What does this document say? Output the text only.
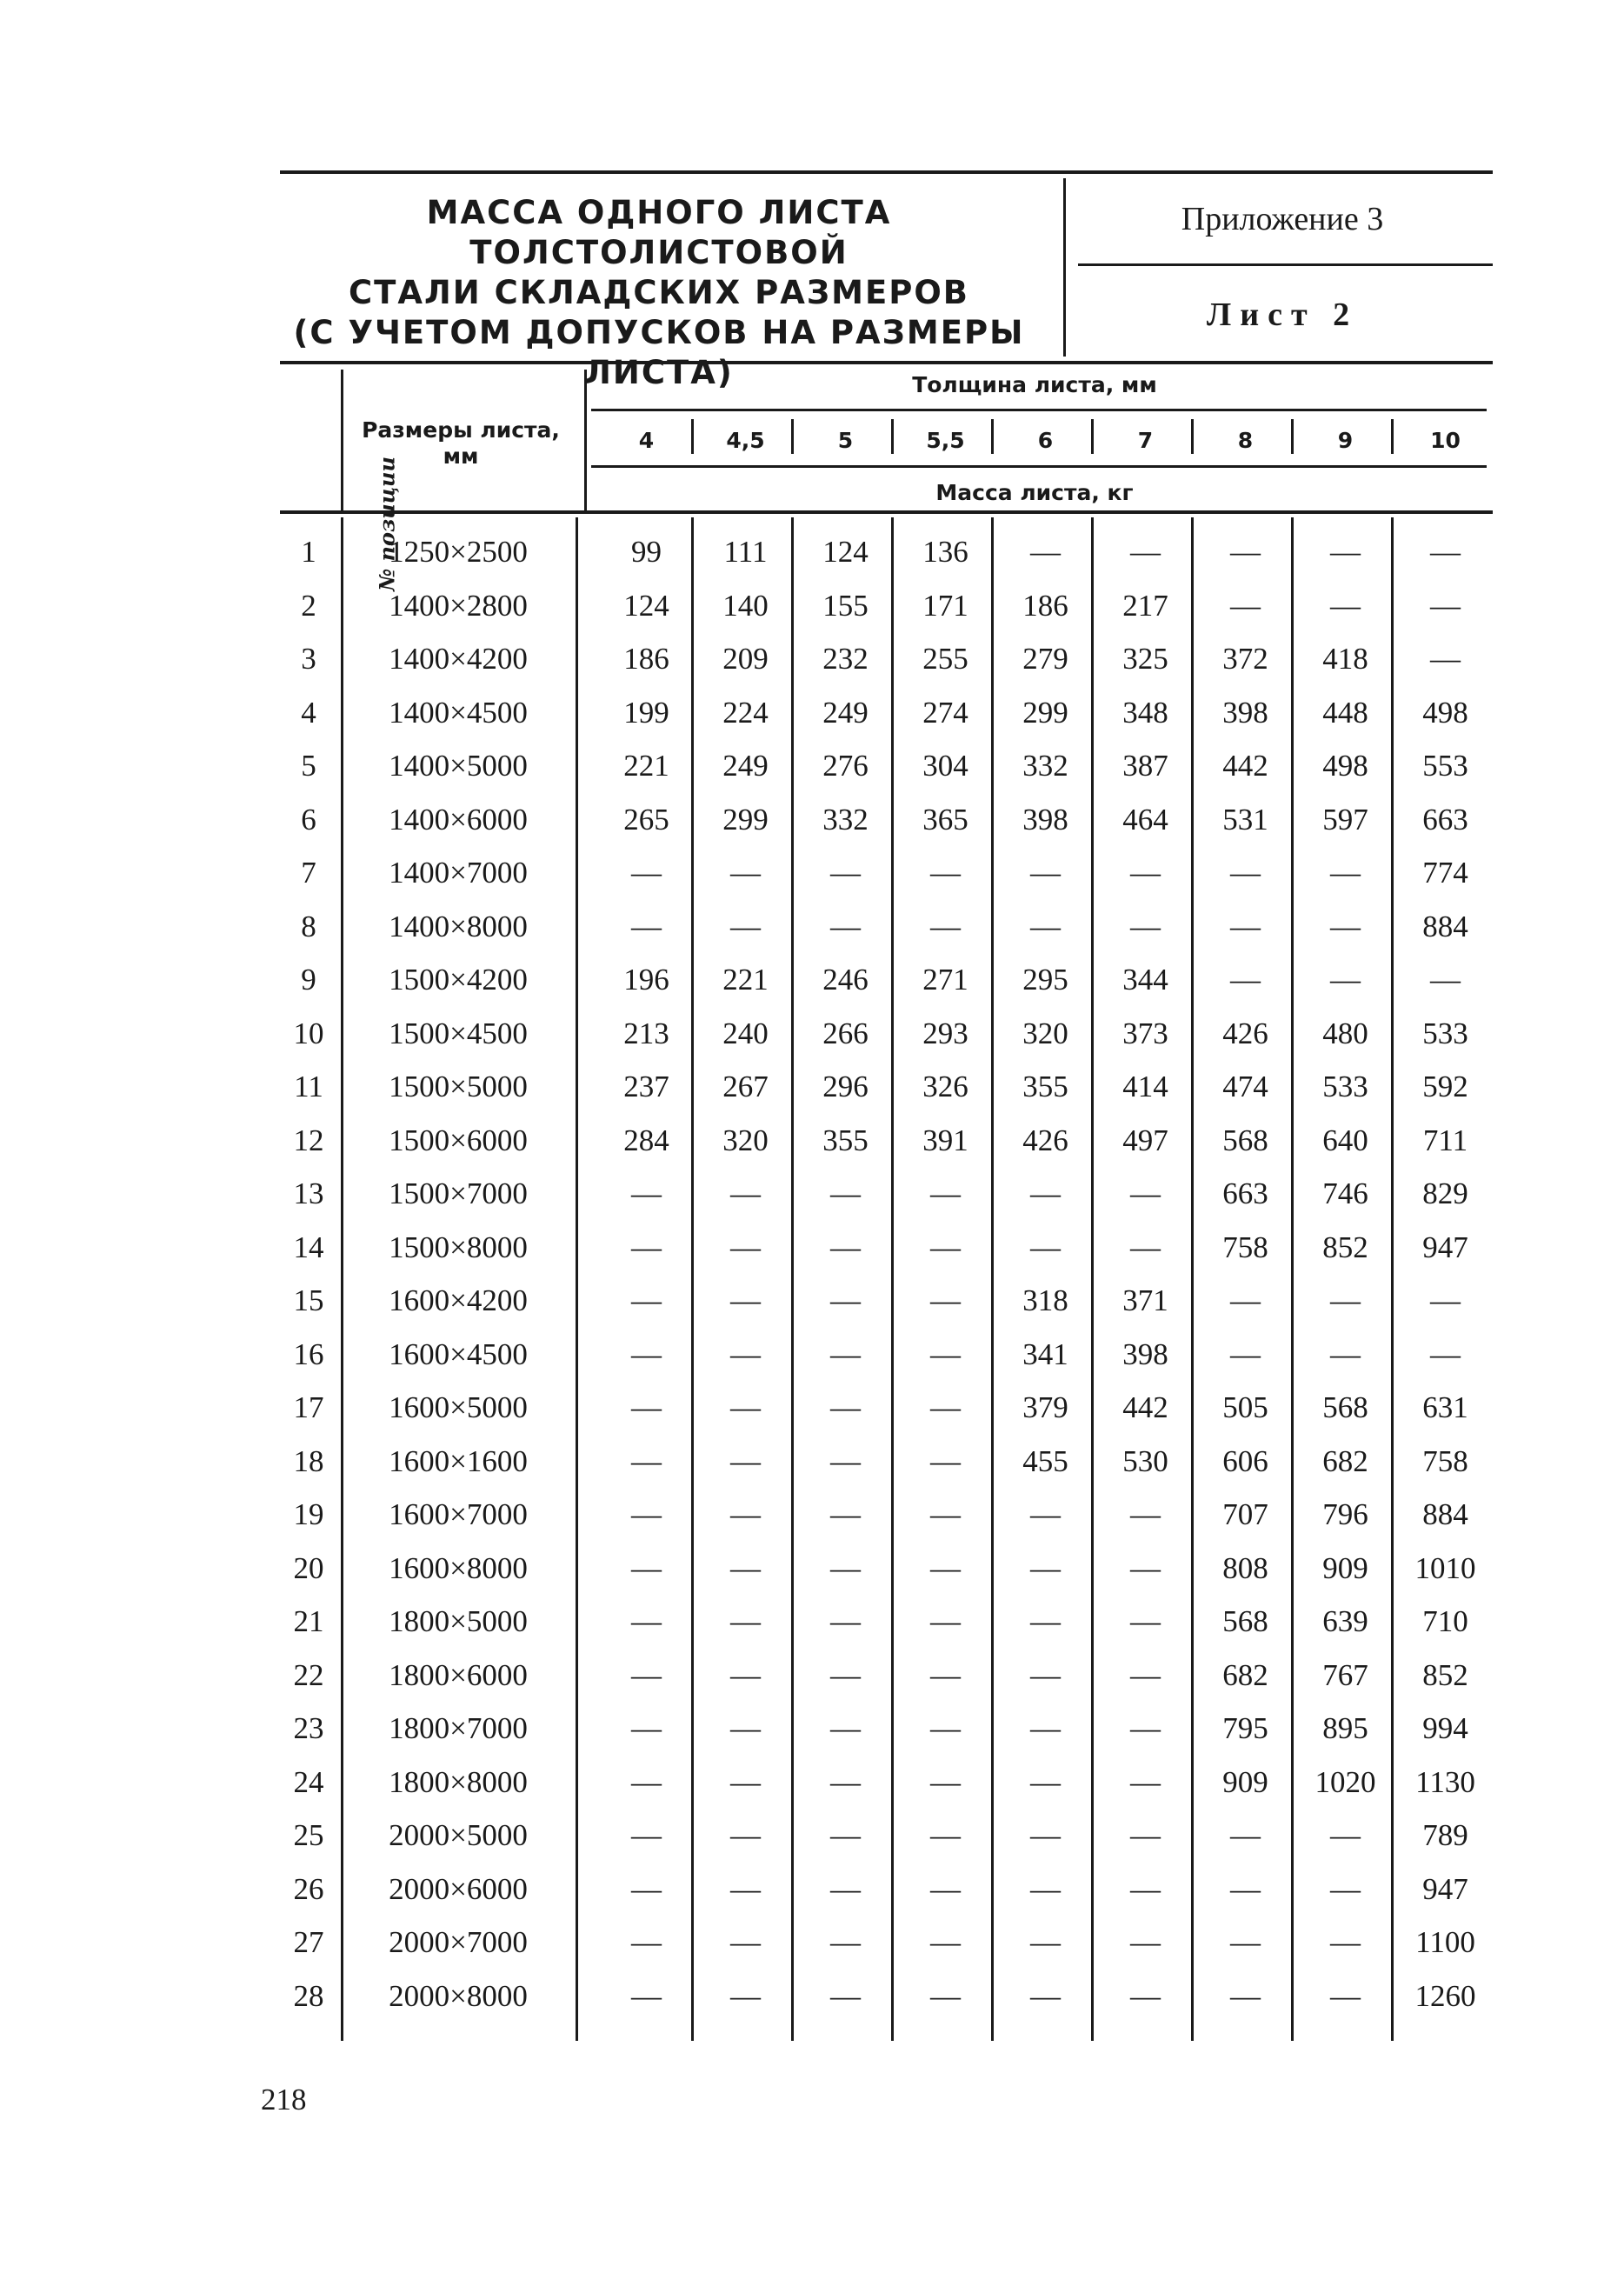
МАССА ОДНОГО ЛИСТА ТОЛСТОЛИСТОВОЙ
СТАЛИ СКЛАДСКИХ РАЗМЕРОВ
(С УЧЕТОМ ДОПУСКОВ НА РАЗМЕРЫ
ЛИСТА)
Приложение 3
Лист 2
№ позиции
Размеры листа, мм
Толщина листа, мм
Масса листа, кг
4	4,5	5	5,5	6	7	8	9	10
1	1250×2500	99	111	124	136	—	—	—	—	—
2	1400×2800	124	140	155	171	186	217	—	—	—
3	1400×4200	186	209	232	255	279	325	372	418	—
4	1400×4500	199	224	249	274	299	348	398	448	498
5	1400×5000	221	249	276	304	332	387	442	498	553
6	1400×6000	265	299	332	365	398	464	531	597	663
7	1400×7000	—	—	—	—	—	—	—	—	774
8	1400×8000	—	—	—	—	—	—	—	—	884
9	1500×4200	196	221	246	271	295	344	—	—	—
10	1500×4500	213	240	266	293	320	373	426	480	533
11	1500×5000	237	267	296	326	355	414	474	533	592
12	1500×6000	284	320	355	391	426	497	568	640	711
13	1500×7000	—	—	—	—	—	—	663	746	829
14	1500×8000	—	—	—	—	—	—	758	852	947
15	1600×4200	—	—	—	—	318	371	—	—	—
16	1600×4500	—	—	—	—	341	398	—	—	—
17	1600×5000	—	—	—	—	379	442	505	568	631
18	1600×1600	—	—	—	—	455	530	606	682	758
19	1600×7000	—	—	—	—	—	—	707	796	884
20	1600×8000	—	—	—	—	—	—	808	909	1010
21	1800×5000	—	—	—	—	—	—	568	639	710
22	1800×6000	—	—	—	—	—	—	682	767	852
23	1800×7000	—	—	—	—	—	—	795	895	994
24	1800×8000	—	—	—	—	—	—	909	1020	1130
25	2000×5000	—	—	—	—	—	—	—	—	789
26	2000×6000	—	—	—	—	—	—	—	—	947
27	2000×7000	—	—	—	—	—	—	—	—	1100
28	2000×8000	—	—	—	—	—	—	—	—	1260
218
